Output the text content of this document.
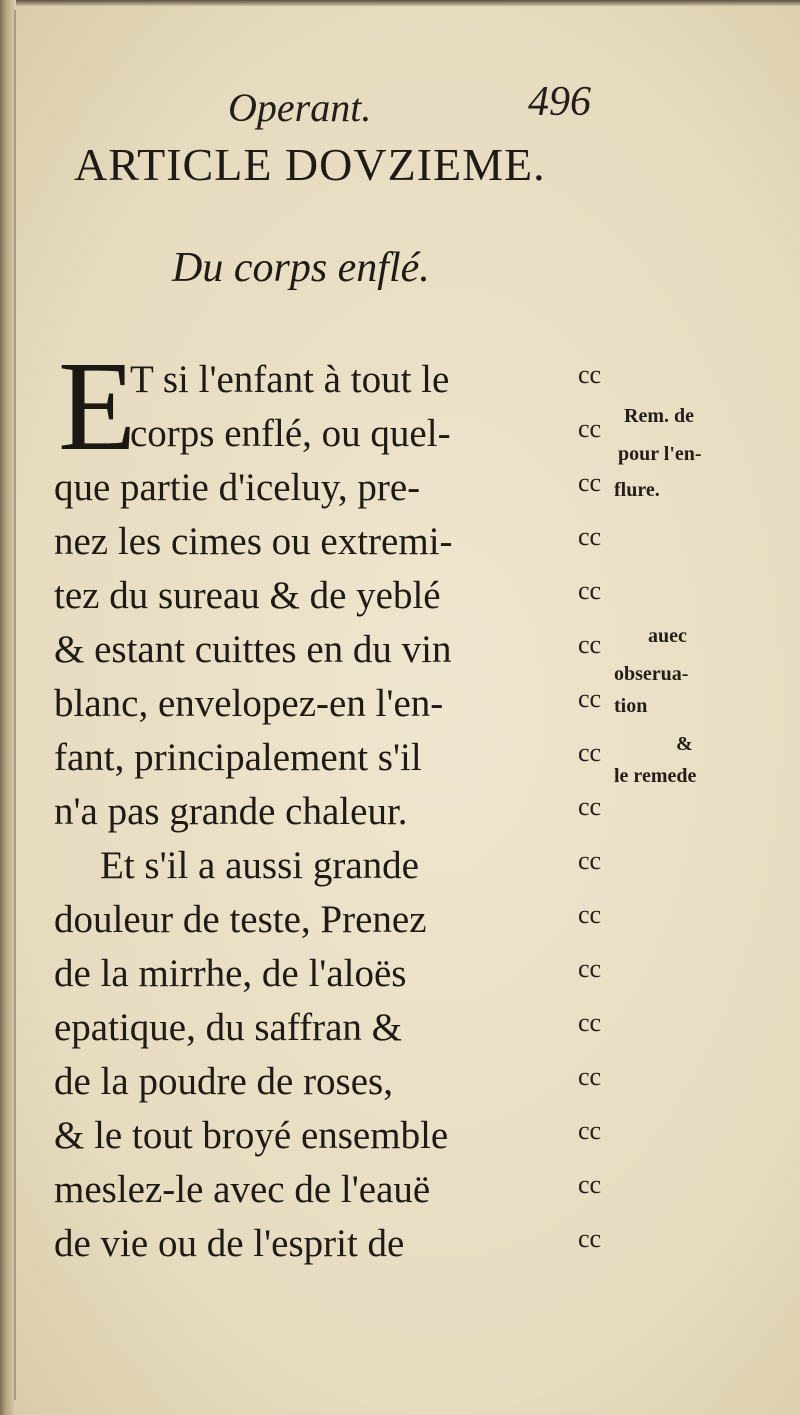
Operant.	496
ARTICLE DOVZIEME.
Du corps enflé.
E
T si l'enfant à tout le
corps enflé, ou quel-
que partie d'iceluy, pre-
nez les cimes ou extremi-
tez du sureau & de yeblé
& estant cuittes en du vin
blanc, envelopez-en l'en-
fant, principalement s'il
n'a pas grande chaleur.
Et s'il a aussi grande
douleur de teste, Prenez
de la mirrhe, de l'aloës
epatique, du saffran &
de la poudre de roses,
& le tout broyé ensemble
meslez-le avec de l'eauë
de vie ou de l'esprit de
cc
cc
cc
cc
cc
cc
cc
cc
cc
cc
cc
cc
cc
cc
cc
cc
cc
Rem. de
pour l'en-
flure.
auec
obserua-
tion
&
le remede
